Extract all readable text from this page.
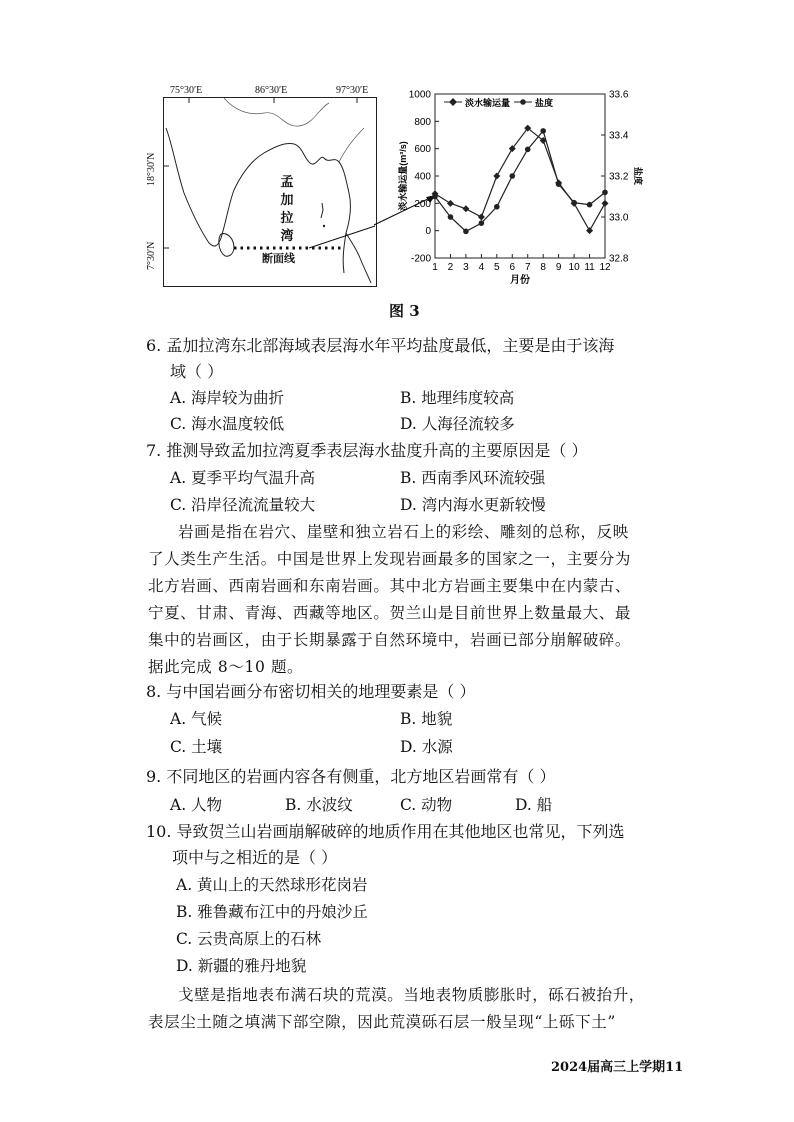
75°30′E	86°30′E	97°30′E
18°30′N
7°30′N
孟
加
拉
湾
断面线	-200
0
200
400
600
800
1000
32.8
33.0
33.2
33.4
33.6
1 2 3 4 5 6 7 8 9 10 11 12
月份
淡水输运量(m³/s)	盐度
淡水输运量	盐度
图 3
6. 孟加拉湾东北部海域表层海水年平均盐度最低，主要是由于该海
域（ ）
A. 海岸较为曲折	B. 地理纬度较高
C. 海水温度较低	D. 人海径流较多
7. 推测导致孟加拉湾夏季表层海水盐度升高的主要原因是（ ）
A. 夏季平均气温升高	B. 西南季风环流较强
C. 沿岸径流流量较大	D. 湾内海水更新较慢
岩画是指在岩穴、崖壁和独立岩石上的彩绘、雕刻的总称，反映
了人类生产生活。中国是世界上发现岩画最多的国家之一，主要分为
北方岩画、西南岩画和东南岩画。其中北方岩画主要集中在内蒙古、
宁夏、甘肃、青海、西藏等地区。贺兰山是目前世界上数量最大、最
集中的岩画区，由于长期暴露于自然环境中，岩画已部分崩解破碎。
据此完成 8～10 题。
8. 与中国岩画分布密切相关的地理要素是（ ）
A. 气候	B. 地貌
C. 土壤	D. 水源
9. 不同地区的岩画内容各有侧重，北方地区岩画常有（ ）
A. 人物	B. 水波纹	C. 动物	D. 船
10. 导致贺兰山岩画崩解破碎的地质作用在其他地区也常见，下列选
项中与之相近的是（ ）
A. 黄山上的天然球形花岗岩
B. 雅鲁藏布江中的丹娘沙丘
C. 云贵高原上的石林
D. 新疆的雅丹地貌
戈壁是指地表布满石块的荒漠。当地表物质膨胀时，砾石被抬升，
表层尘土随之填满下部空隙，因此荒漠砾石层一般呈现“上砾下土”
2024届高三上学期11
